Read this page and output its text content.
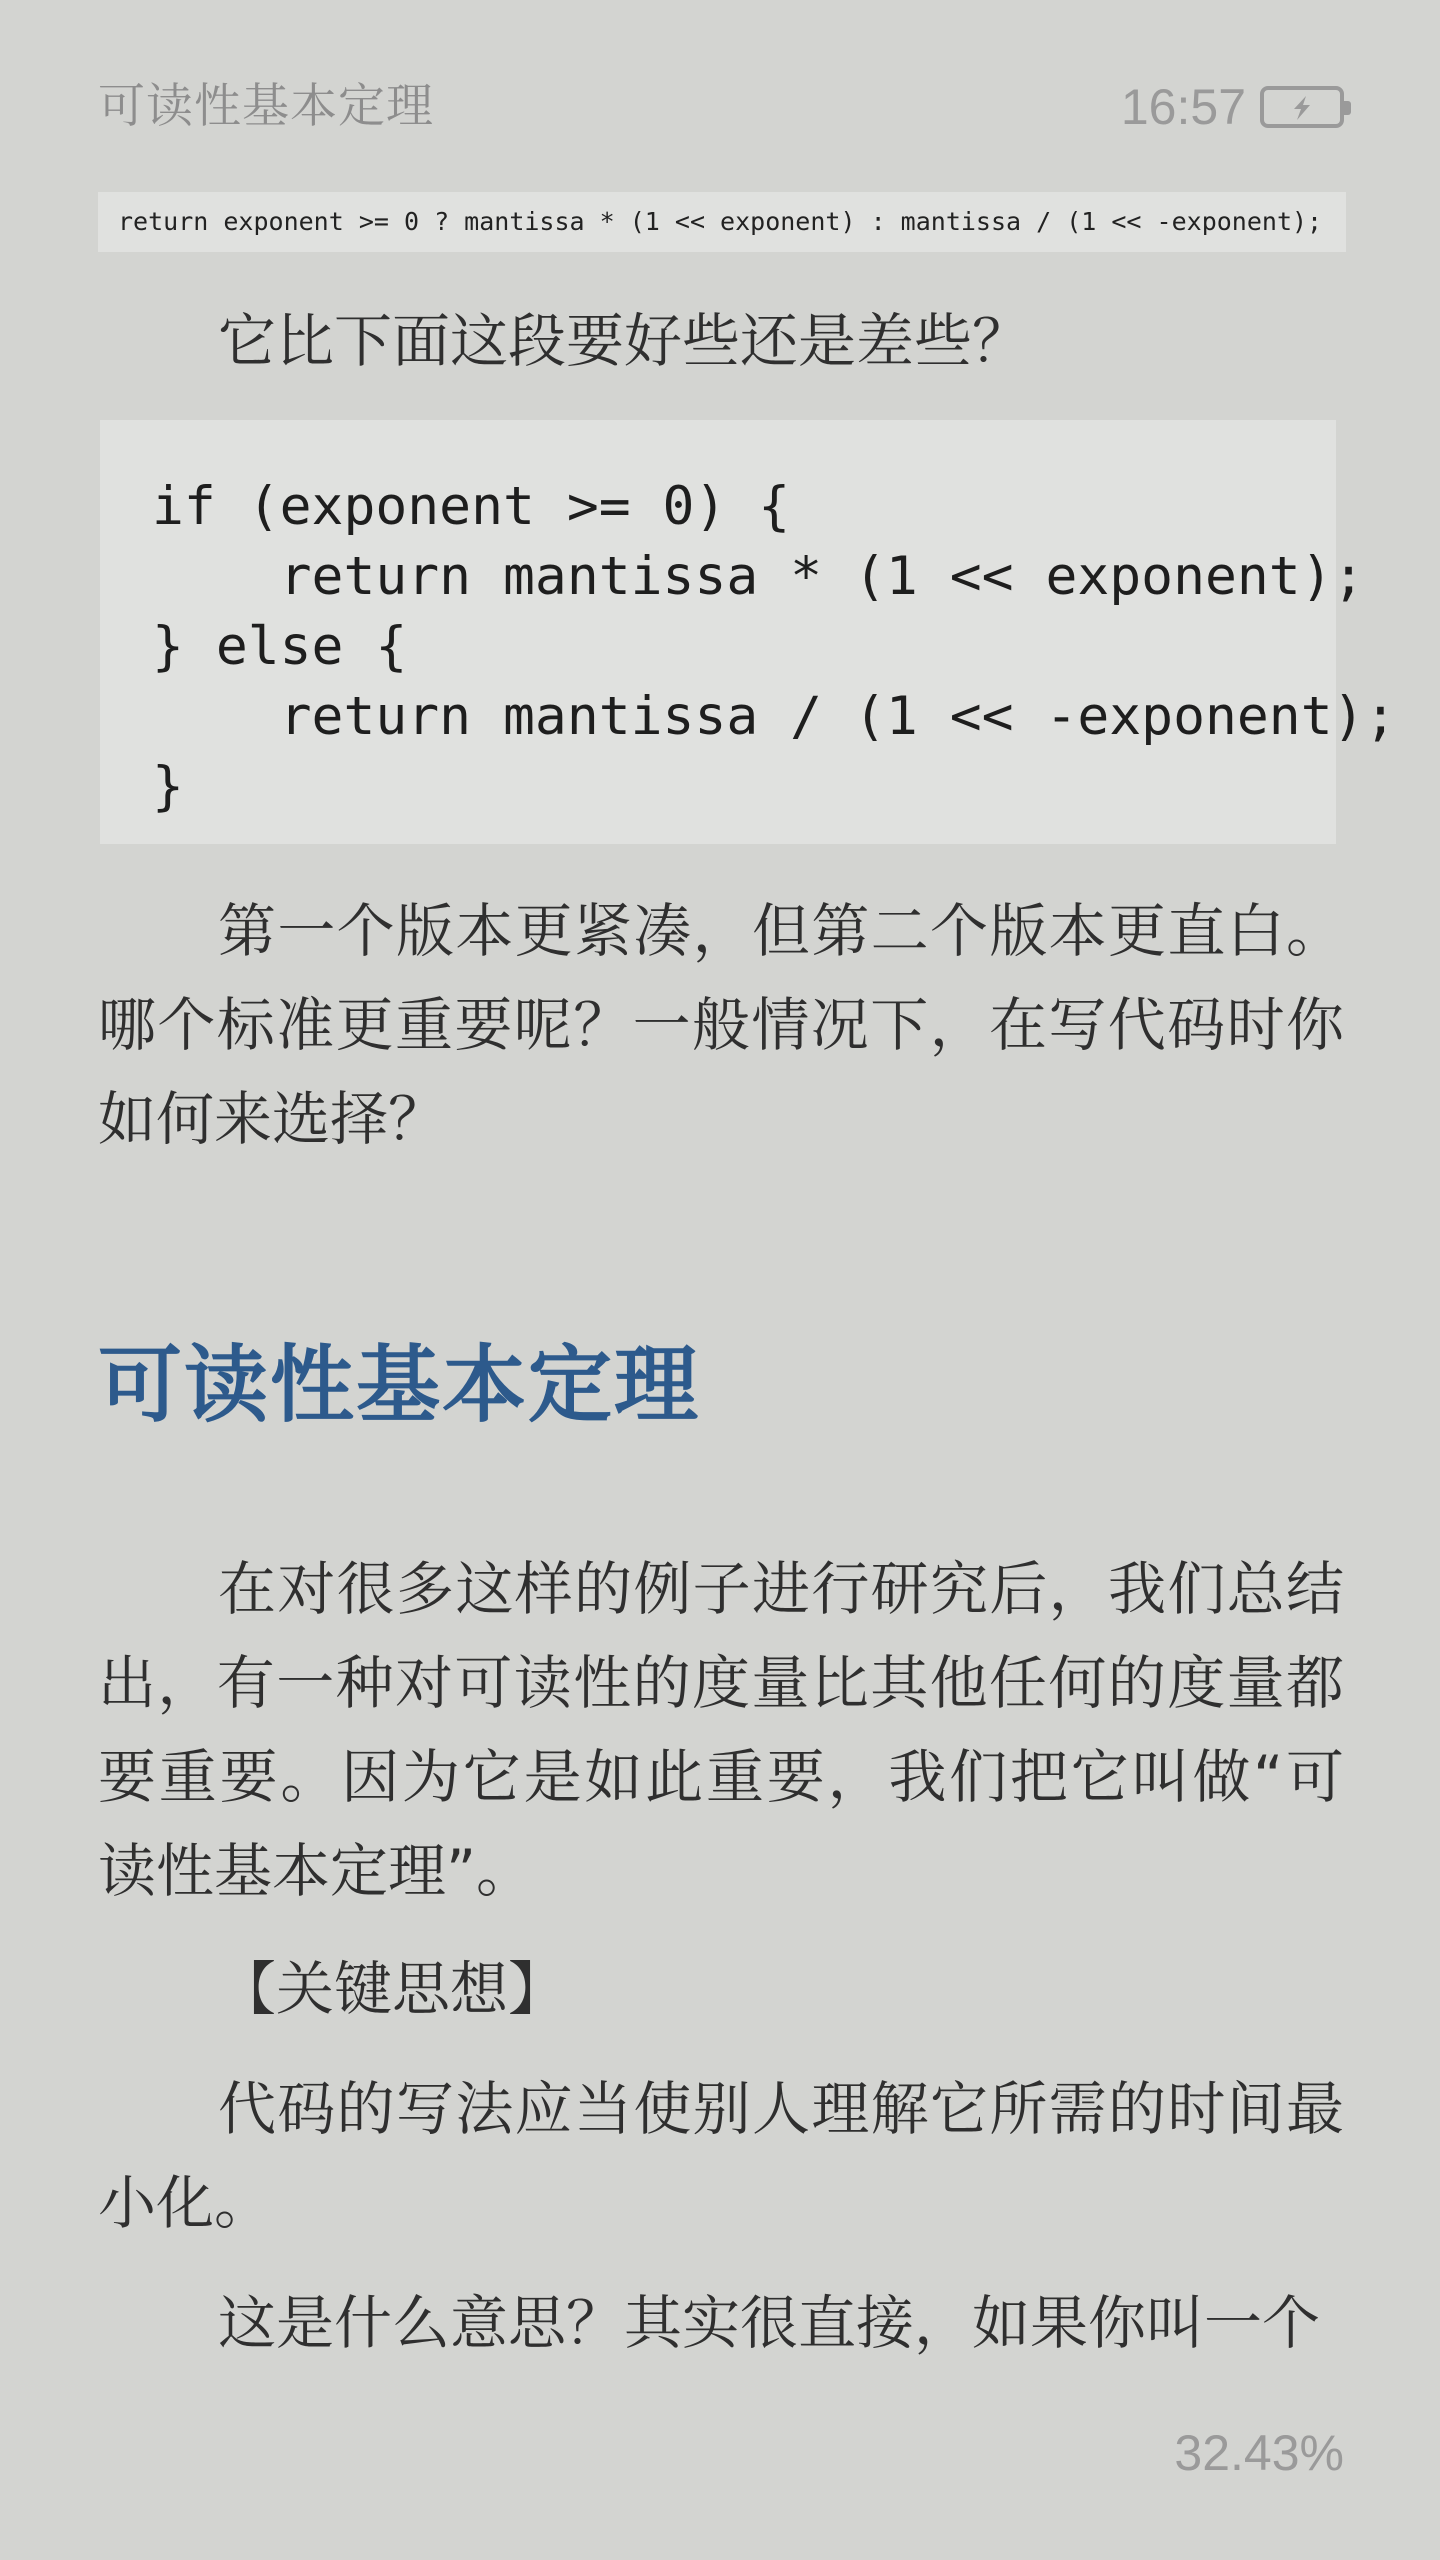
可读性基本定理	16:57
return exponent >= 0 ? mantissa * (1 << exponent) : mantissa / (1 << -exponent);
它比下面这段要好些还是差些？
if (exponent >= 0) {
return mantissa * (1 << exponent);
} else {
return mantissa / (1 << -exponent);
}
第一个版本更紧凑，但第二个版本更直白。哪个标准更重要呢？一般情况下，在写代码时你如何来选择？
可读性基本定理
在对很多这样的例子进行研究后，我们总结出，有一种对可读性的度量比其他任何的度量都要重要。因为它是如此重要，我们把它叫做“可读性基本定理”。
【关键思想】
代码的写法应当使别人理解它所需的时间最小化。
这是什么意思？其实很直接，如果你叫一个
32.43%
